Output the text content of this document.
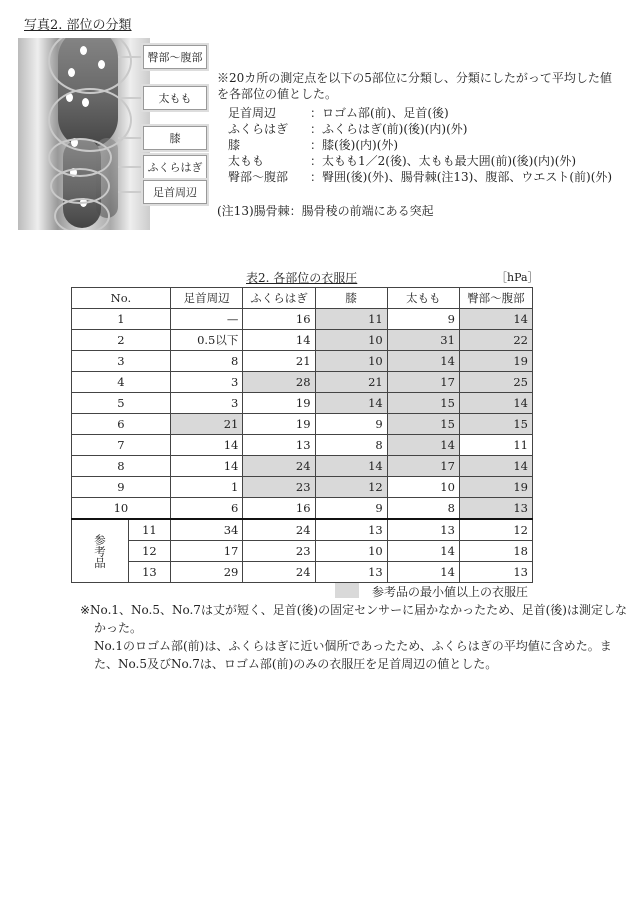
写真2. 部位の分類
臀部〜腹部
太もも
膝
ふくらはぎ
足首周辺
※20カ所の測定点を以下の5部位に分類し、分類にしたがって平均した値を各部位の値とした。
足首周辺	：ロゴム部(前)、足首(後)
ふくらはぎ ：ふくらはぎ(前)(後)(内)(外)
膝	：膝(後)(内)(外)
太もも	：太もも1／2(後)、太もも最大囲(前)(後)(内)(外)
臀部〜腹部 ：臀囲(後)(外)、腸骨棘(注13)、腹部、ウエスト(前)(外)
(注13)腸骨棘：腸骨稜の前端にある突起
表2. 各部位の衣服圧	［hPa］
No.		足首周辺	ふくらはぎ	膝	太もも	臀部〜腹部
1		—	16	11	9	14
2		0.5以下	14	10	31	22
3		8	21	10	14	19
4		3	28	21	17	25
5		3	19	14	15	14
6		21	19	9	15	15
7		14	13	8	14	11
8		14	24	14	17	14
9		1	23	12	10	19
10		6	16	9	8	13
参考品	11	34	24	13	13	12
	12	17	23	10	14	18
	13	29	24	13	14	13
参考品の最小値以上の衣服圧
※No.1、No.5、No.7は丈が短く、足首(後)の固定センサーに届かなかったため、足首(後)は測定しなかった。
No.1のロゴム部(前)は、ふくらはぎに近い個所であったため、ふくらはぎの平均値に含めた。また、No.5及びNo.7は、ロゴム部(前)のみの衣服圧を足首周辺の値とした。
